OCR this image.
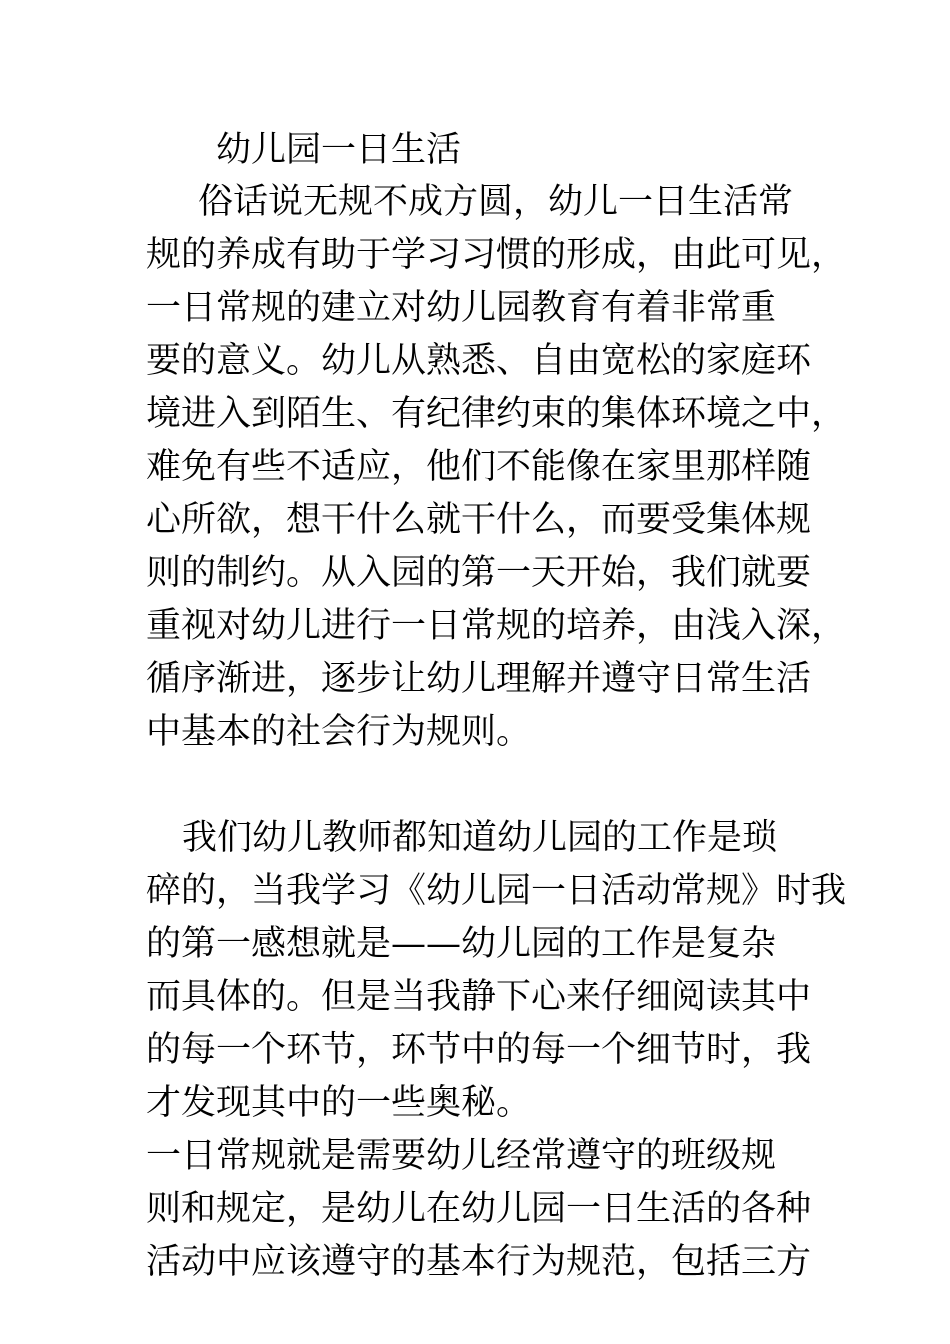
幼儿园一日生活
俗话说无规不成方圆，幼儿一日生活常
规的养成有助于学习习惯的形成，由此可见，
一日常规的建立对幼儿园教育有着非常重
要的意义。幼儿从熟悉、自由宽松的家庭环
境进入到陌生、有纪律约束的集体环境之中，
难免有些不适应，他们不能像在家里那样随
心所欲，想干什么就干什么，而要受集体规
则的制约。从入园的第一天开始，我们就要
重视对幼儿进行一日常规的培养，由浅入深，
循序渐进，逐步让幼儿理解并遵守日常生活
中基本的社会行为规则。
我们幼儿教师都知道幼儿园的工作是琐
碎的，当我学习《幼儿园一日活动常规》时我
的第一感想就是——幼儿园的工作是复杂
而具体的。但是当我静下心来仔细阅读其中
的每一个环节，环节中的每一个细节时，我
才发现其中的一些奥秘。
一日常规就是需要幼儿经常遵守的班级规
则和规定，是幼儿在幼儿园一日生活的各种
活动中应该遵守的基本行为规范，包括三方
